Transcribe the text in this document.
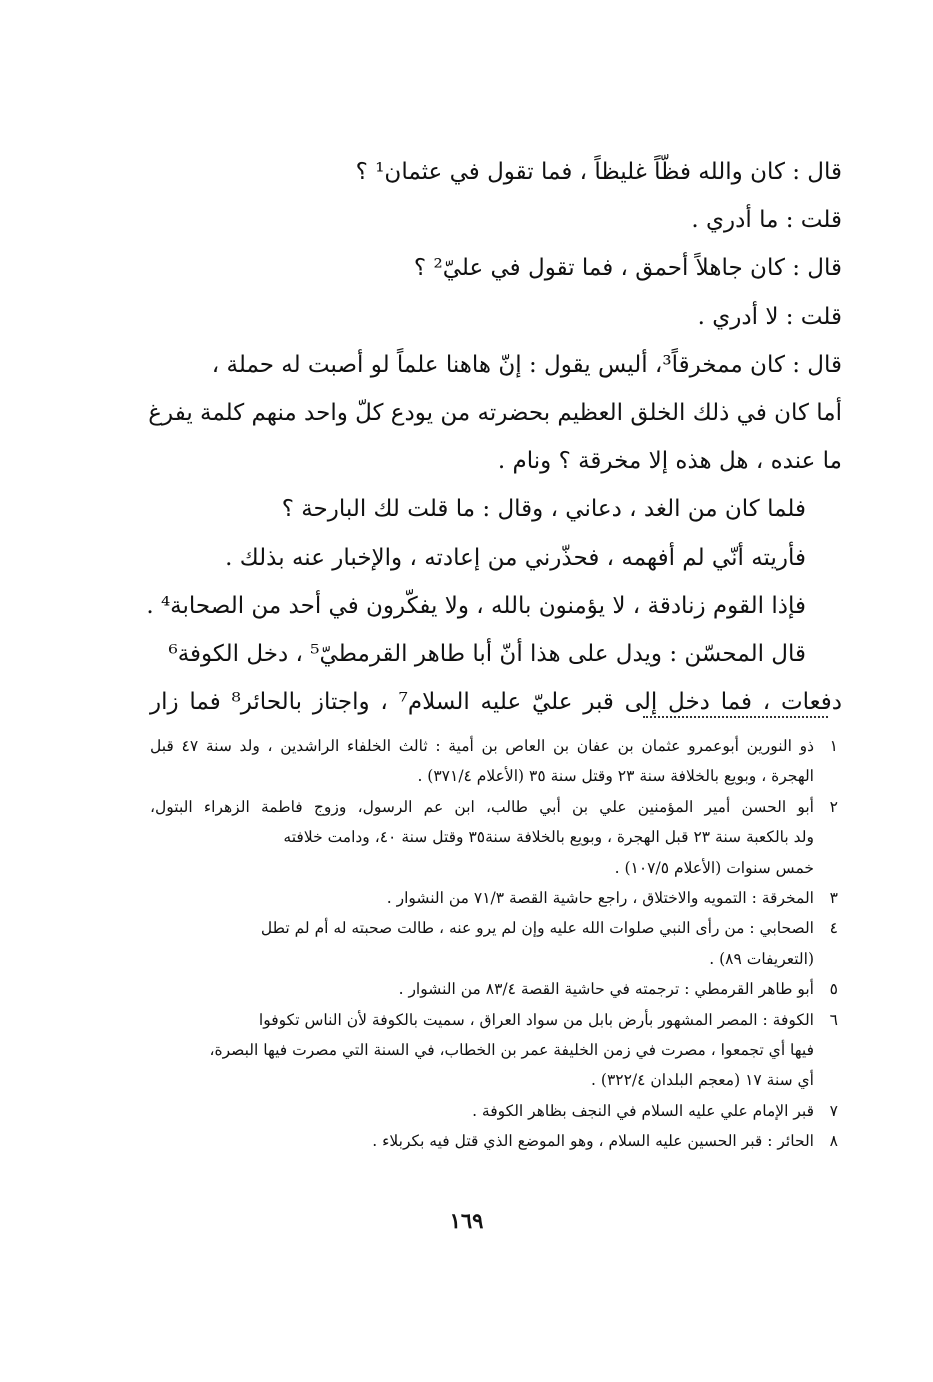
قال : كان والله فظّاً غليظاً ، فما تقول في عثمان¹ ؟
قلت : ما أدري .
قال : كان جاهلاً أحمق ، فما تقول في عليّ² ؟
قلت : لا أدري .
قال : كان ممخرقاً³، أليس يقول : إنّ هاهنا علماً لو أصبت له حملة ،
أما كان في ذلك الخلق العظيم بحضرته من يودع كلّ واحد منهم كلمة يفرغ
ما عنده ، هل هذه إلا مخرقة ؟ ونام .
فلما كان من الغد ، دعاني ، وقال : ما قلت لك البارحة ؟
فأريته أنّي لم أفهمه ، فحذّرني من إعادته ، والإخبار عنه بذلك .
فإذا القوم زنادقة ، لا يؤمنون بالله ، ولا يفكّرون في أحد من الصحابة⁴ .
قال المحسّن : ويدل على هذا أنّ أبا طاهر القرمطيّ⁵ ، دخل الكوفة⁶
دفعات ، فما دخل إلى قبر عليّ عليه السلام⁷ ، واجتاز بالحائر⁸ فما زار
١ذو النورين أبوعمرو عثمان بن عفان بن العاص بن أمية : ثالث الخلفاء الراشدين ، ولد سنة ٤٧ قبل
الهجرة ، وبويع بالخلافة سنة ٢٣ وقتل سنة ٣٥ (الأعلام ٣٧١/٤) .
٢أبو الحسن أمير المؤمنين علي بن أبي طالب، ابن عم الرسول، وزوج فاطمة الزهراء البتول،
ولد بالكعبة سنة ٢٣ قبل الهجرة ، وبويع بالخلافة سنة٣٥ وقتل سنة ٤٠، ودامت خلافته
خمس سنوات (الأعلام ١٠٧/٥) .
٣المخرقة : التمويه والاختلاق ، راجع حاشية القصة ٧١/٣ من النشوار .
٤الصحابي : من رأى النبي صلوات الله عليه وإن لم يرو عنه ، طالت صحبته له أم لم تطل
(التعريفات ٨٩) .
٥أبو طاهر القرمطي : ترجمته في حاشية القصة ٨٣/٤ من النشوار .
٦الكوفة : المصر المشهور بأرض بابل من سواد العراق ، سميت بالكوفة لأن الناس تكوفوا
فيها أي تجمعوا ، مصرت في زمن الخليفة عمر بن الخطاب، في السنة التي مصرت فيها البصرة،
أي سنة ١٧ (معجم البلدان ٣٢٢/٤) .
٧قبر الإمام علي عليه السلام في النجف بظاهر الكوفة .
٨الحائر : قبر الحسين عليه السلام ، وهو الموضع الذي قتل فيه بكربلاء .
١٦٩
